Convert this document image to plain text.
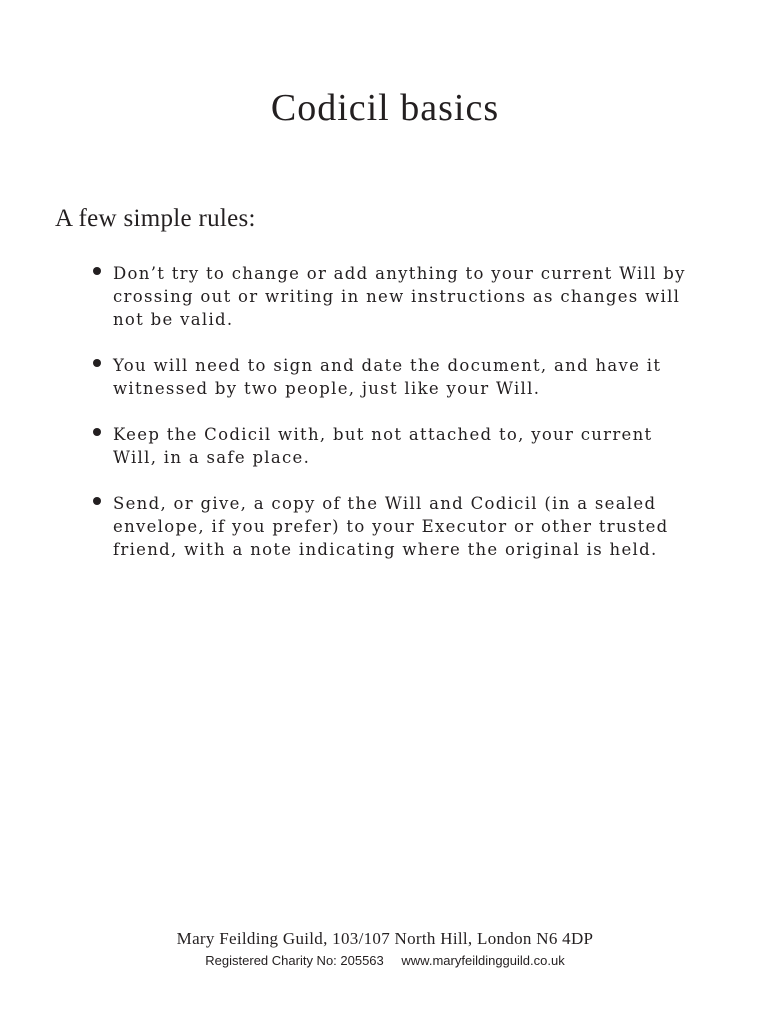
Codicil basics
A few simple rules:
Don’t try to change or add anything to your current Will by crossing out or writing in new instructions as changes will not be valid.
You will need to sign and date the document, and have it witnessed by two people, just like your Will.
Keep the Codicil with, but not attached to, your current Will, in a safe place.
Send, or give, a copy of the Will and Codicil (in a sealed envelope, if you prefer) to your Executor or other trusted friend, with a note indicating where the original is held.
Mary Feilding Guild, 103/107 North Hill, London N6 4DP
Registered Charity No: 205563 www.maryfeildingguild.co.uk
